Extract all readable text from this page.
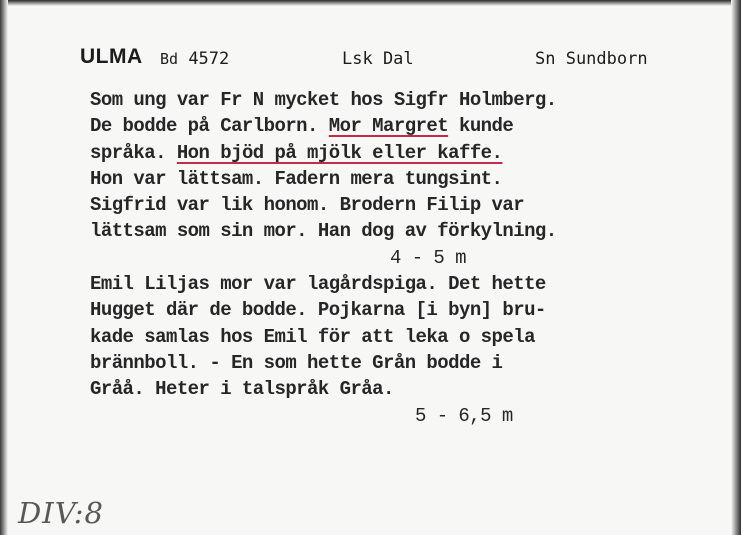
ULMA Bd 4572	Lsk Dal	Sn Sundborn
Som ung var Fr N mycket hos Sigfr Holmberg.
De bodde på Carlborn. Mor Margret kunde
språka. Hon bjöd på mjölk eller kaffe.
Hon var lättsam. Fadern mera tungsint.
Sigfrid var lik honom. Brodern Filip var
lättsam som sin mor. Han dog av förkylning.
4 - 5 m
Emil Liljas mor var lagårdspiga. Det hette
Hugget där de bodde. Pojkarna [i byn] bru-
kade samlas hos Emil för att leka o spela
brännboll. - En som hette Grån bodde i
Gråå. Heter i talspråk Gråa.
5 - 6,5 m
DIV:8
